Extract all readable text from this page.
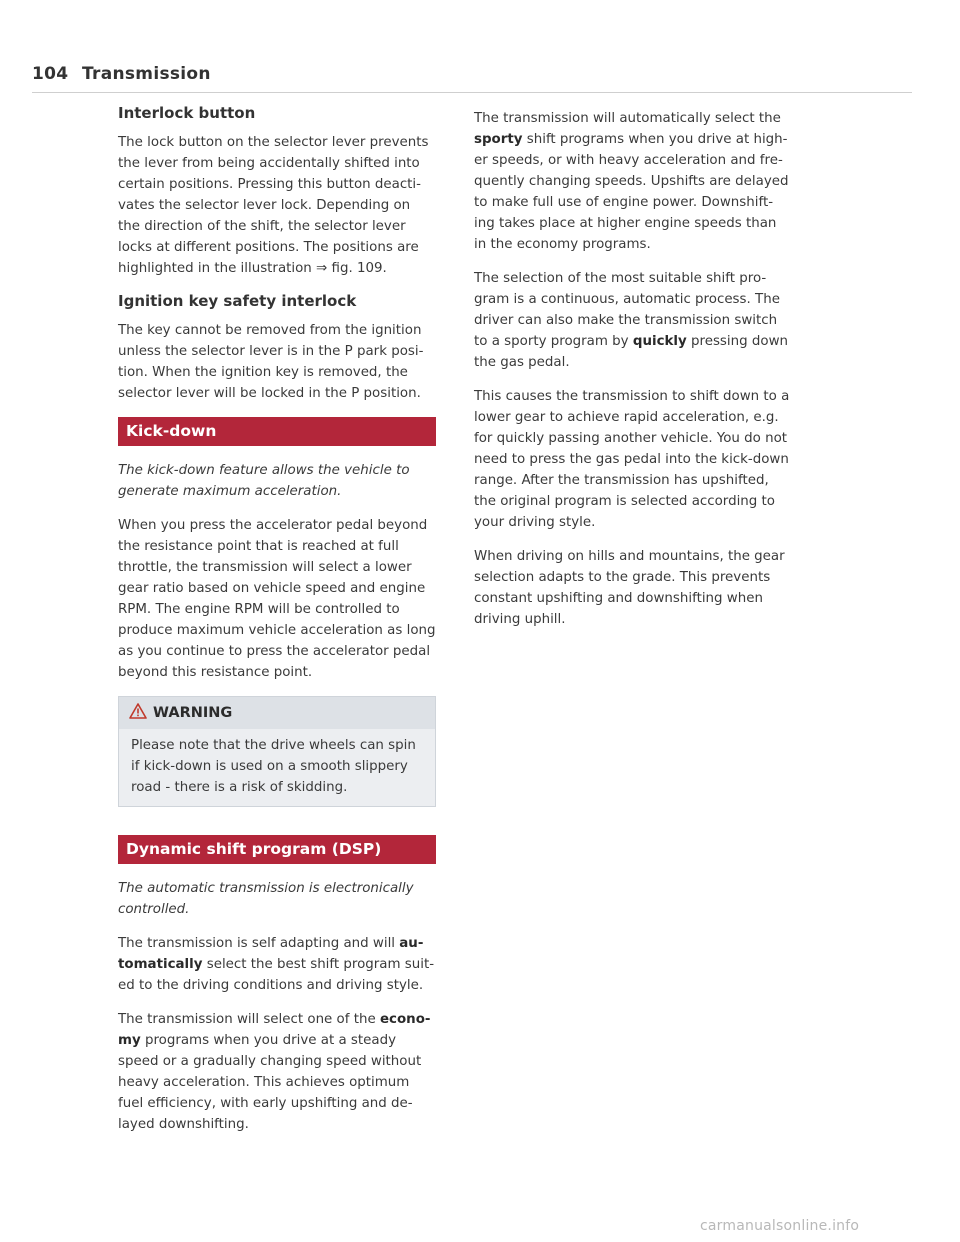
104 Transmission
Interlock button

The lock button on the selector lever prevents the lever from being accidentally shifted into certain positions. Pressing this button deacti-vates the selector lever lock. Depending on the direction of the shift, the selector lever locks at different positions. The positions are highlighted in the illustration ⇒ fig. 109.

Ignition key safety interlock

The key cannot be removed from the ignition unless the selector lever is in the P park posi-tion. When the ignition key is removed, the selector lever will be locked in the P position.

Kick-down

The kick-down feature allows the vehicle to generate maximum acceleration.

When you press the accelerator pedal beyond the resistance point that is reached at full throttle, the transmission will select a lower gear ratio based on vehicle speed and engine RPM. The engine RPM will be controlled to produce maximum vehicle acceleration as long as you continue to press the accelerator pedal beyond this resistance point.

WARNING
Please note that the drive wheels can spin if kick-down is used on a smooth slippery road - there is a risk of skidding.
Dynamic shift program (DSP)

The automatic transmission is electronically controlled.

The transmission is self adapting and will au-tomatically select the best shift program suit-ed to the driving conditions and driving style.

The transmission will select one of the econo-my programs when you drive at a steady speed or a gradually changing speed without heavy acceleration. This achieves optimum fuel efficiency, with early upshifting and de-layed downshifting.

The transmission will automatically select the sporty shift programs when you drive at high-er speeds, or with heavy acceleration and fre-quently changing speeds. Upshifts are delayed to make full use of engine power. Downshift-ing takes place at higher engine speeds than in the economy programs.

The selection of the most suitable shift pro-gram is a continuous, automatic process. The driver can also make the transmission switch to a sporty program by quickly pressing down the gas pedal.

This causes the transmission to shift down to a lower gear to achieve rapid acceleration, e.g. for quickly passing another vehicle. You do not need to press the gas pedal into the kick-down range. After the transmission has upshifted, the original program is selected according to your driving style.

When driving on hills and mountains, the gear selection adapts to the grade. This prevents constant upshifting and downshifting when driving uphill.

carmanualsonline.info
